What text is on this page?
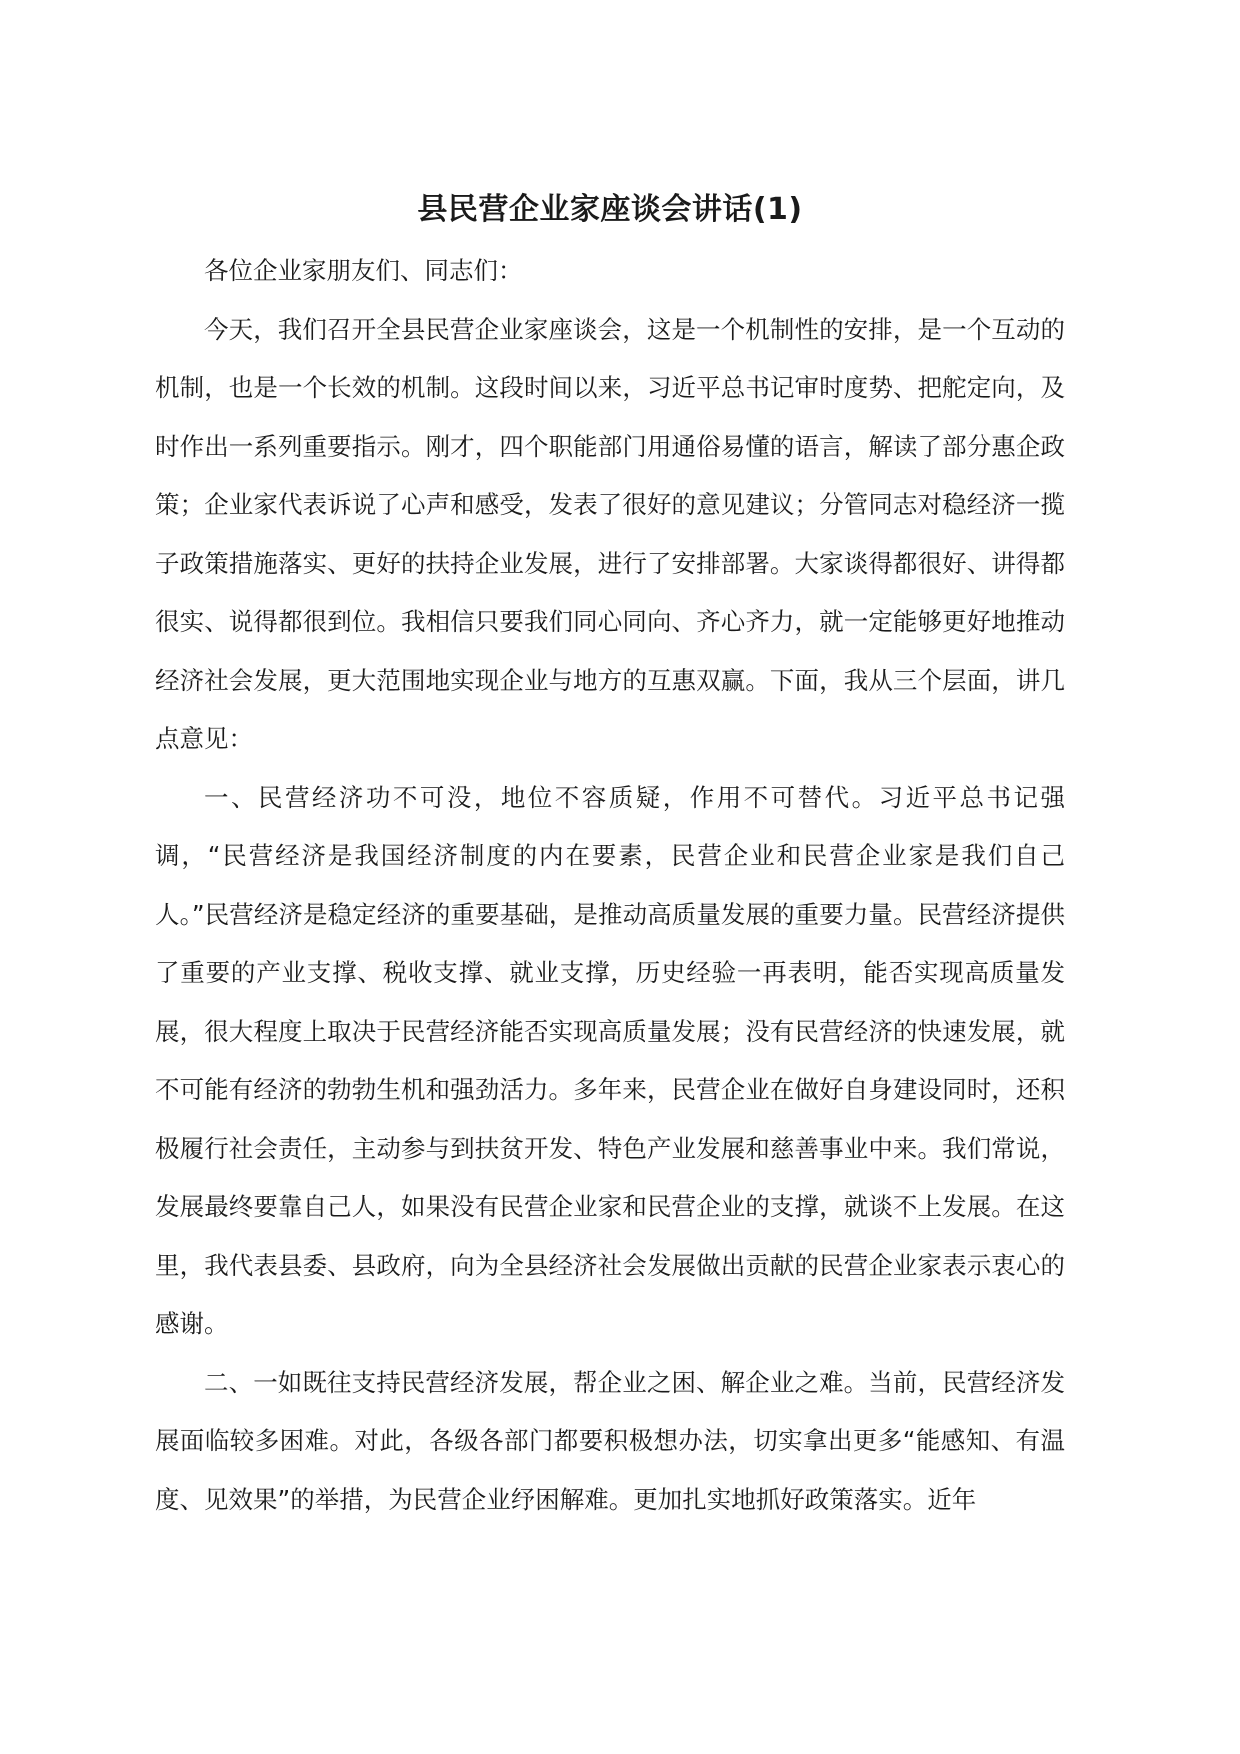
县民营企业家座谈会讲话(1)

各位企业家朋友们、同志们：

今天，我们召开全县民营企业家座谈会，这是一个机制性的安排，是一个互动的机制，也是一个长效的机制。这段时间以来，习近平总书记审时度势、把舵定向，及时作出一系列重要指示。刚才，四个职能部门用通俗易懂的语言，解读了部分惠企政策；企业家代表诉说了心声和感受，发表了很好的意见建议；分管同志对稳经济一揽子政策措施落实、更好的扶持企业发展，进行了安排部署。大家谈得都很好、讲得都很实、说得都很到位。我相信只要我们同心同向、齐心齐力，就一定能够更好地推动经济社会发展，更大范围地实现企业与地方的互惠双赢。下面，我从三个层面，讲几点意见：

一、民营经济功不可没，地位不容质疑，作用不可替代。习近平总书记强调，“民营经济是我国经济制度的内在要素，民营企业和民营企业家是我们自己人。”民营经济是稳定经济的重要基础，是推动高质量发展的重要力量。民营经济提供了重要的产业支撑、税收支撑、就业支撑，历史经验一再表明，能否实现高质量发展，很大程度上取决于民营经济能否实现高质量发展；没有民营经济的快速发展，就不可能有经济的勃勃生机和强劲活力。多年来，民营企业在做好自身建设同时，还积极履行社会责任，主动参与到扶贫开发、特色产业发展和慈善事业中来。我们常说，发展最终要靠自己人，如果没有民营企业家和民营企业的支撑，就谈不上发展。在这里，我代表县委、县政府，向为全县经济社会发展做出贡献的民营企业家表示衷心的感谢。

二、一如既往支持民营经济发展，帮企业之困、解企业之难。当前，民营经济发展面临较多困难。对此，各级各部门都要积极想办法，切实拿出更多“能感知、有温度、见效果”的举措，为民营企业纾困解难。更加扎实地抓好政策落实。近年
